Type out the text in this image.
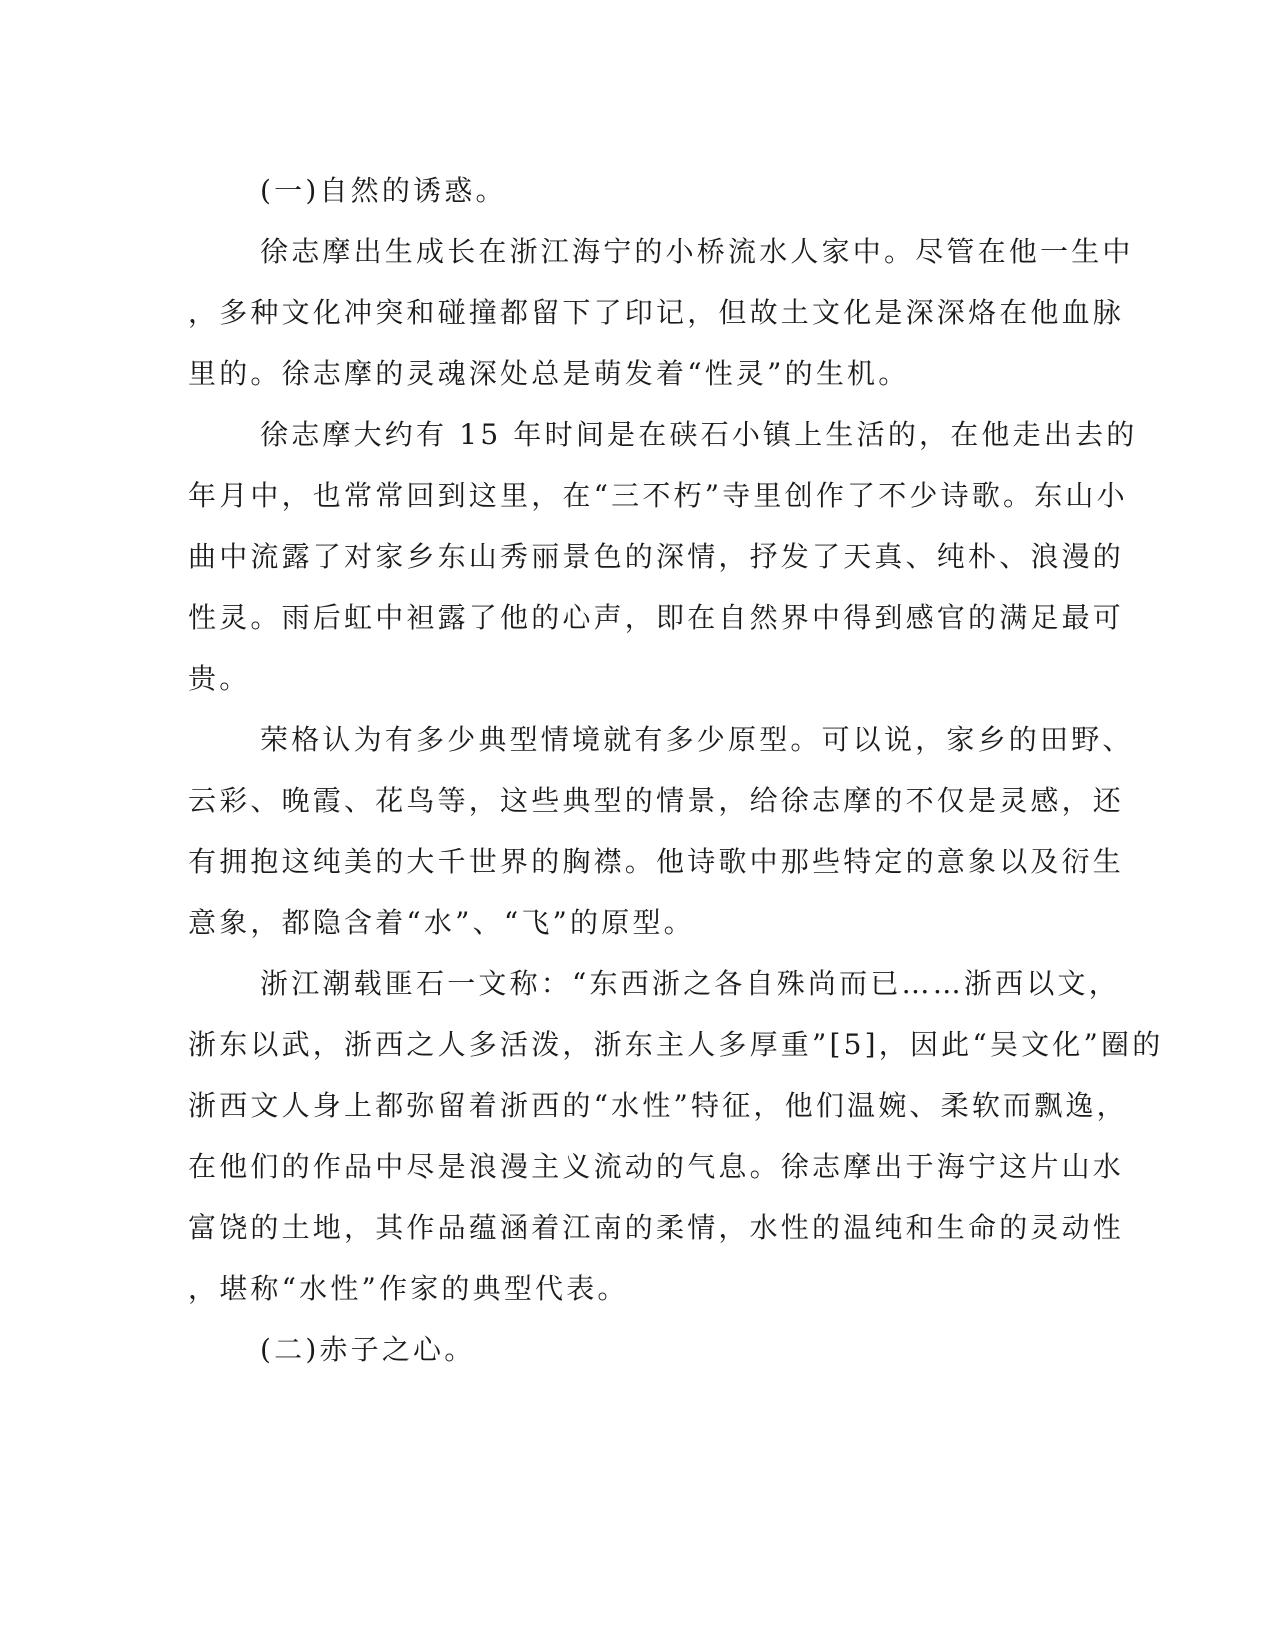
(一)自然的诱惑。
徐志摩出生成长在浙江海宁的小桥流水人家中。尽管在他一生中
，多种文化冲突和碰撞都留下了印记，但故土文化是深深烙在他血脉
里的。徐志摩的灵魂深处总是萌发着“性灵”的生机。
徐志摩大约有 15 年时间是在硖石小镇上生活的，在他走出去的
年月中，也常常回到这里，在“三不朽”寺里创作了不少诗歌。东山小
曲中流露了对家乡东山秀丽景色的深情，抒发了天真、纯朴、浪漫的
性灵。雨后虹中袒露了他的心声，即在自然界中得到感官的满足最可
贵。
荣格认为有多少典型情境就有多少原型。可以说，家乡的田野、
云彩、晚霞、花鸟等，这些典型的情景，给徐志摩的不仅是灵感，还
有拥抱这纯美的大千世界的胸襟。他诗歌中那些特定的意象以及衍生
意象，都隐含着“水”、“飞”的原型。
浙江潮载匪石一文称：“东西浙之各自殊尚而已……浙西以文，
浙东以武，浙西之人多活泼，浙东主人多厚重”[5]，因此“吴文化”圈的
浙西文人身上都弥留着浙西的“水性”特征，他们温婉、柔软而飘逸，
在他们的作品中尽是浪漫主义流动的气息。徐志摩出于海宁这片山水
富饶的土地，其作品蕴涵着江南的柔情，水性的温纯和生命的灵动性
，堪称“水性”作家的典型代表。
(二)赤子之心。
